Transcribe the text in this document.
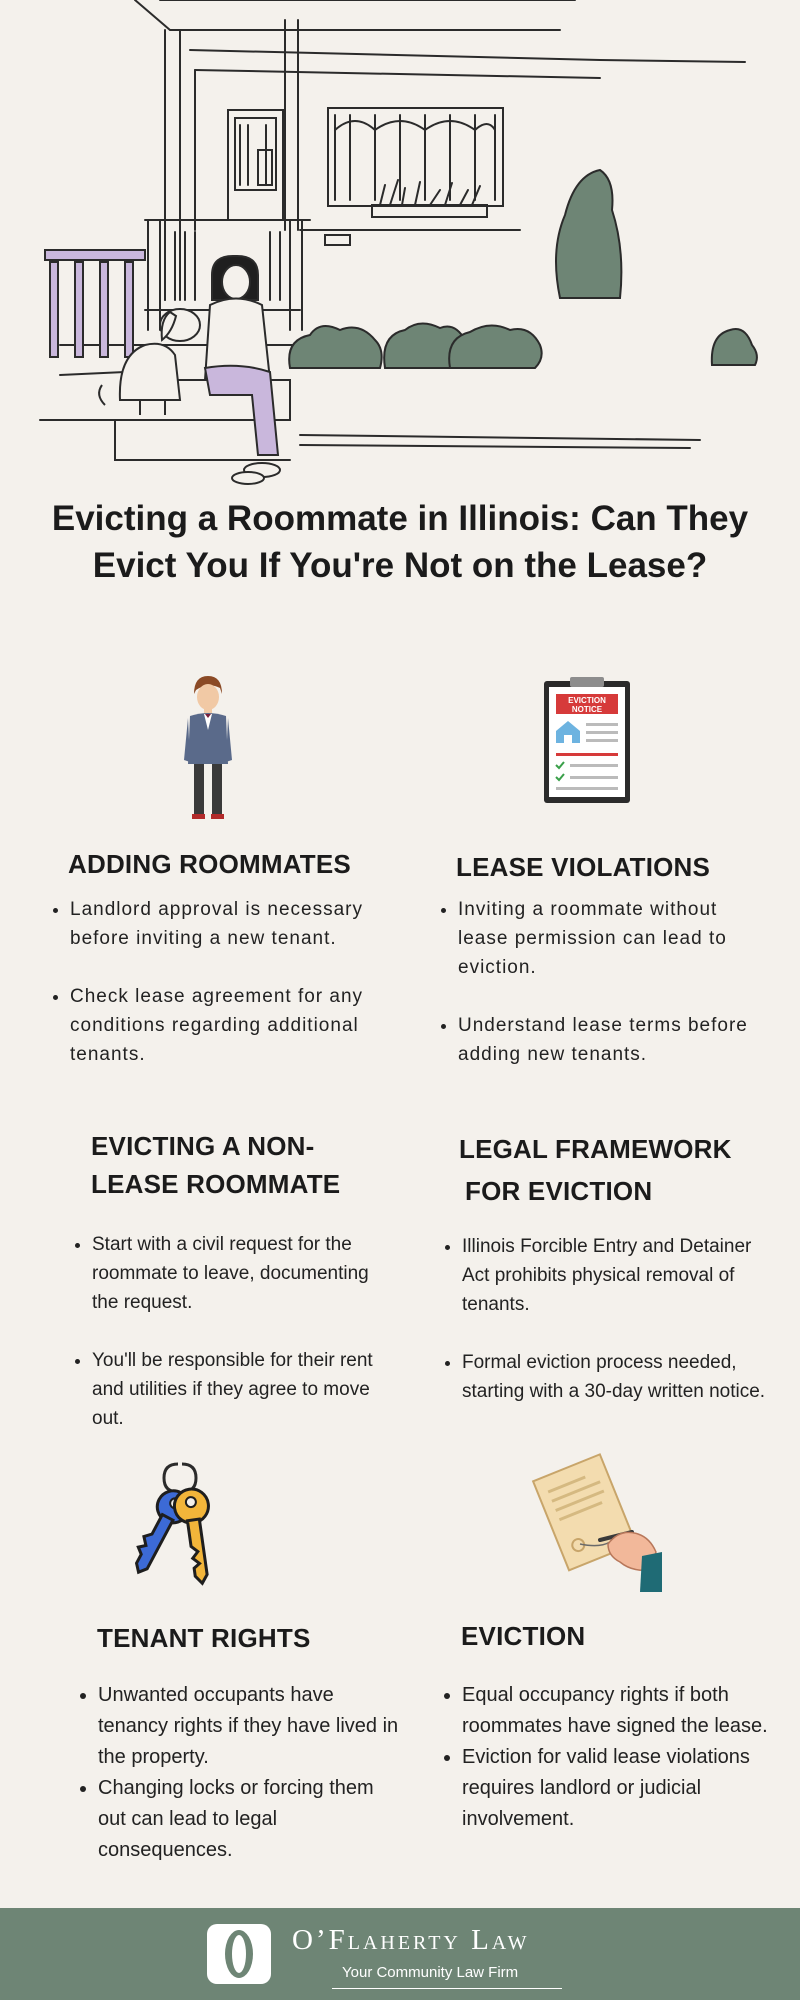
Evicting a Roommate in Illinois: Can They Evict You If You're Not on the Lease?
EVICTION
NOTICE
ADDING ROOMMATES
• Landlord approval is necessary before inviting a new tenant.
• Check lease agreement for any conditions regarding additional tenants.
LEASE VIOLATIONS
• Inviting a roommate without lease permission can lead to eviction.
• Understand lease terms before adding new tenants.
EVICTING A NON-
LEASE ROOMMATE
• Start with a civil request for the roommate to leave, documenting the request.
• You'll be responsible for their rent and utilities if they agree to move out.
LEGAL FRAMEWORK
FOR EVICTION
• Illinois Forcible Entry and Detainer Act prohibits physical removal of tenants.
• Formal eviction process needed, starting with a 30-day written notice.
TENANT RIGHTS
• Unwanted occupants have tenancy rights if they have lived in the property.
• Changing locks or forcing them out can lead to legal consequences.
EVICTION
• Equal occupancy rights if both roommates have signed the lease.
• Eviction for valid lease violations requires landlord or judicial involvement.
O’Flaherty Law
Your Community Law Firm
